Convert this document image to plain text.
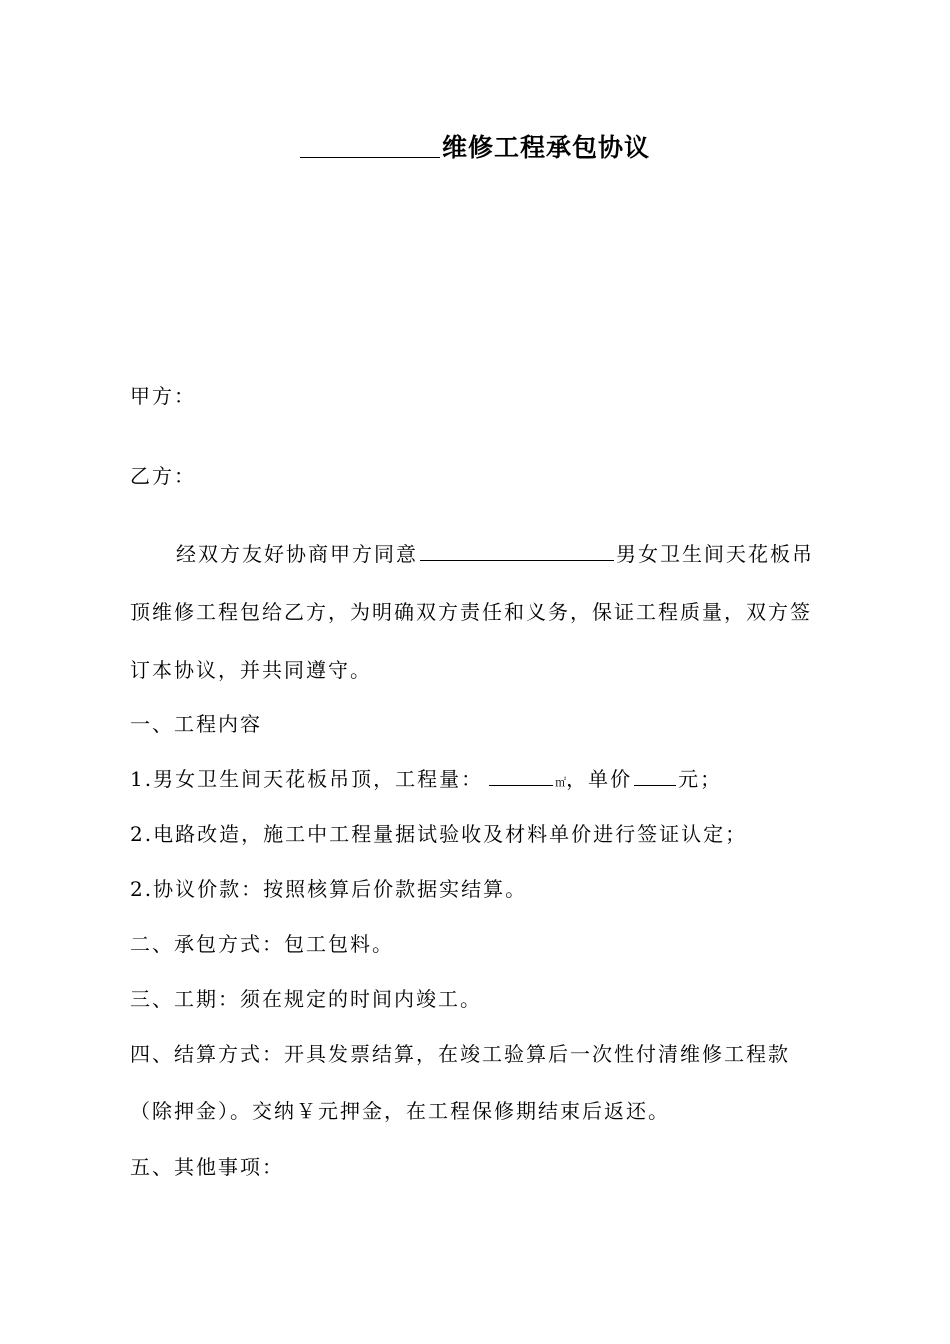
维修工程承包协议
甲方：
乙方：
经双方友好协商甲方同意	男女卫生间天花板吊
顶维修工程包给乙方，为明确双方责任和义务，保证工程质量，双方签
订本协议，并共同遵守。
一、工程内容
1.男女卫生间天花板吊顶，工程量：	㎡，单价 元；
2.电路改造，施工中工程量据试验收及材料单价进行签证认定；
2.协议价款：按照核算后价款据实结算。
二、承包方式：包工包料。
三、工期：须在规定的时间内竣工。
四、结算方式：开具发票结算，在竣工验算后一次性付清维修工程款
（除押金）。交纳￥元押金，在工程保修期结束后返还。
五、其他事项：
